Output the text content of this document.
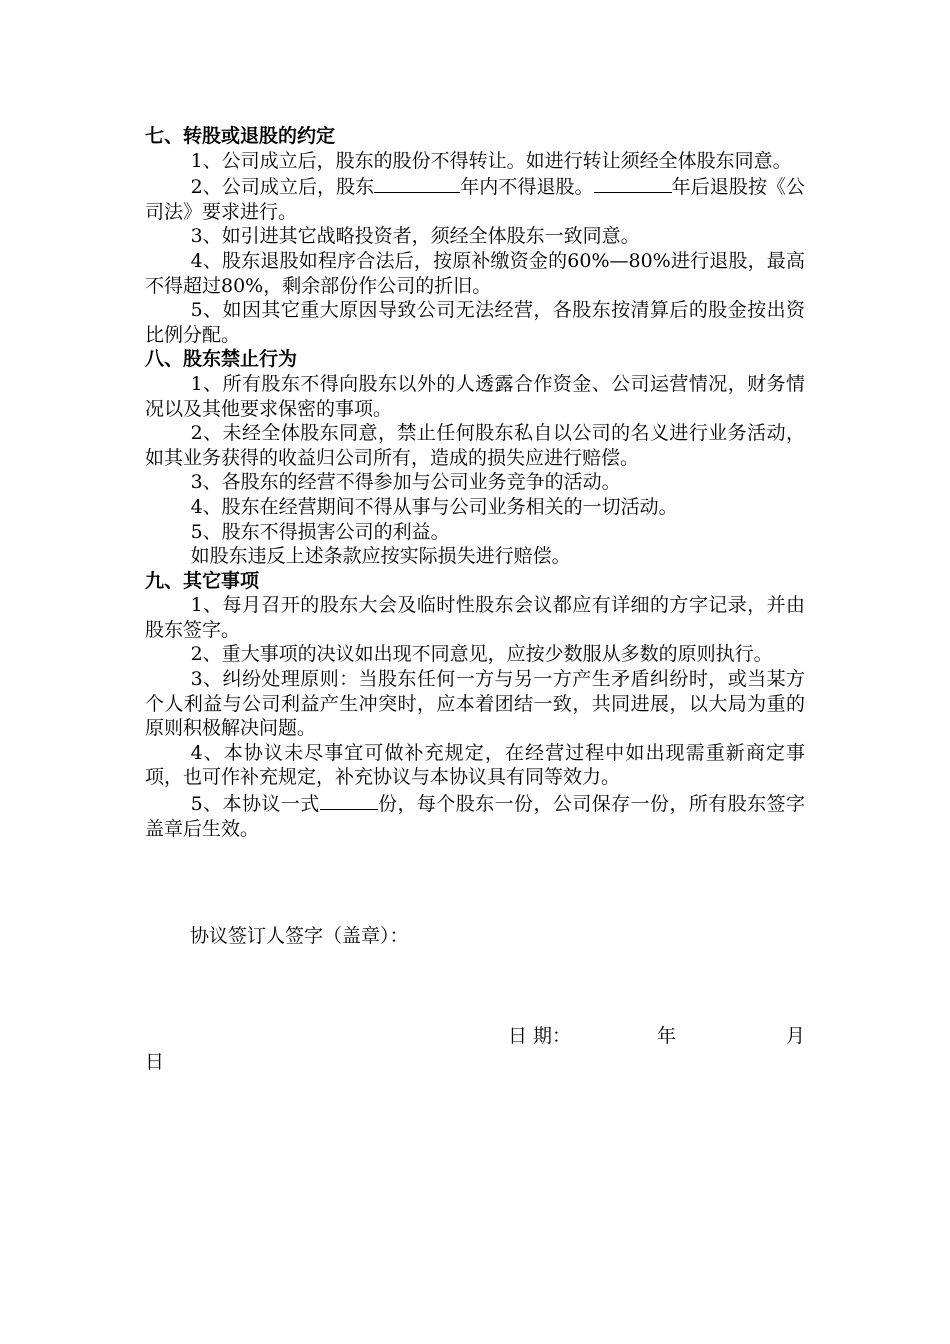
七、转股或退股的约定

1、公司成立后，股东的股份不得转让。如进行转让须经全体股东同意。

2、公司成立后，股东	年内不得退股。	年后退股按《公司法》要求进行。

3、如引进其它战略投资者，须经全体股东一致同意。

4、股东退股如程序合法后，按原补缴资金的60%—80%进行退股，最高不得超过80%，剩余部份作公司的折旧。

5、如因其它重大原因导致公司无法经营，各股东按清算后的股金按出资比例分配。

八、股东禁止行为

1、所有股东不得向股东以外的人透露合作资金、公司运营情况，财务情况以及其他要求保密的事项。

2、未经全体股东同意，禁止任何股东私自以公司的名义进行业务活动，如其业务获得的收益归公司所有，造成的损失应进行赔偿。

3、各股东的经营不得参加与公司业务竞争的活动。

4、股东在经营期间不得从事与公司业务相关的一切活动。

5、股东不得损害公司的利益。

如股东违反上述条款应按实际损失进行赔偿。

九、其它事项

1、每月召开的股东大会及临时性股东会议都应有详细的方字记录，并由股东签字。

2、重大事项的决议如出现不同意见，应按少数服从多数的原则执行。

3、纠纷处理原则：当股东任何一方与另一方产生矛盾纠纷时，或当某方个人利益与公司利益产生冲突时，应本着团结一致，共同进展，以大局为重的原则积极解决问题。

4、本协议未尽事宜可做补充规定，在经营过程中如出现需重新商定事项，也可作补充规定，补充协议与本协议具有同等效力。

5、本协议一式	份，每个股东一份，公司保存一份，所有股东签字盖章后生效。

协议签订人签字（盖章）：
日 期：	年	月
日
